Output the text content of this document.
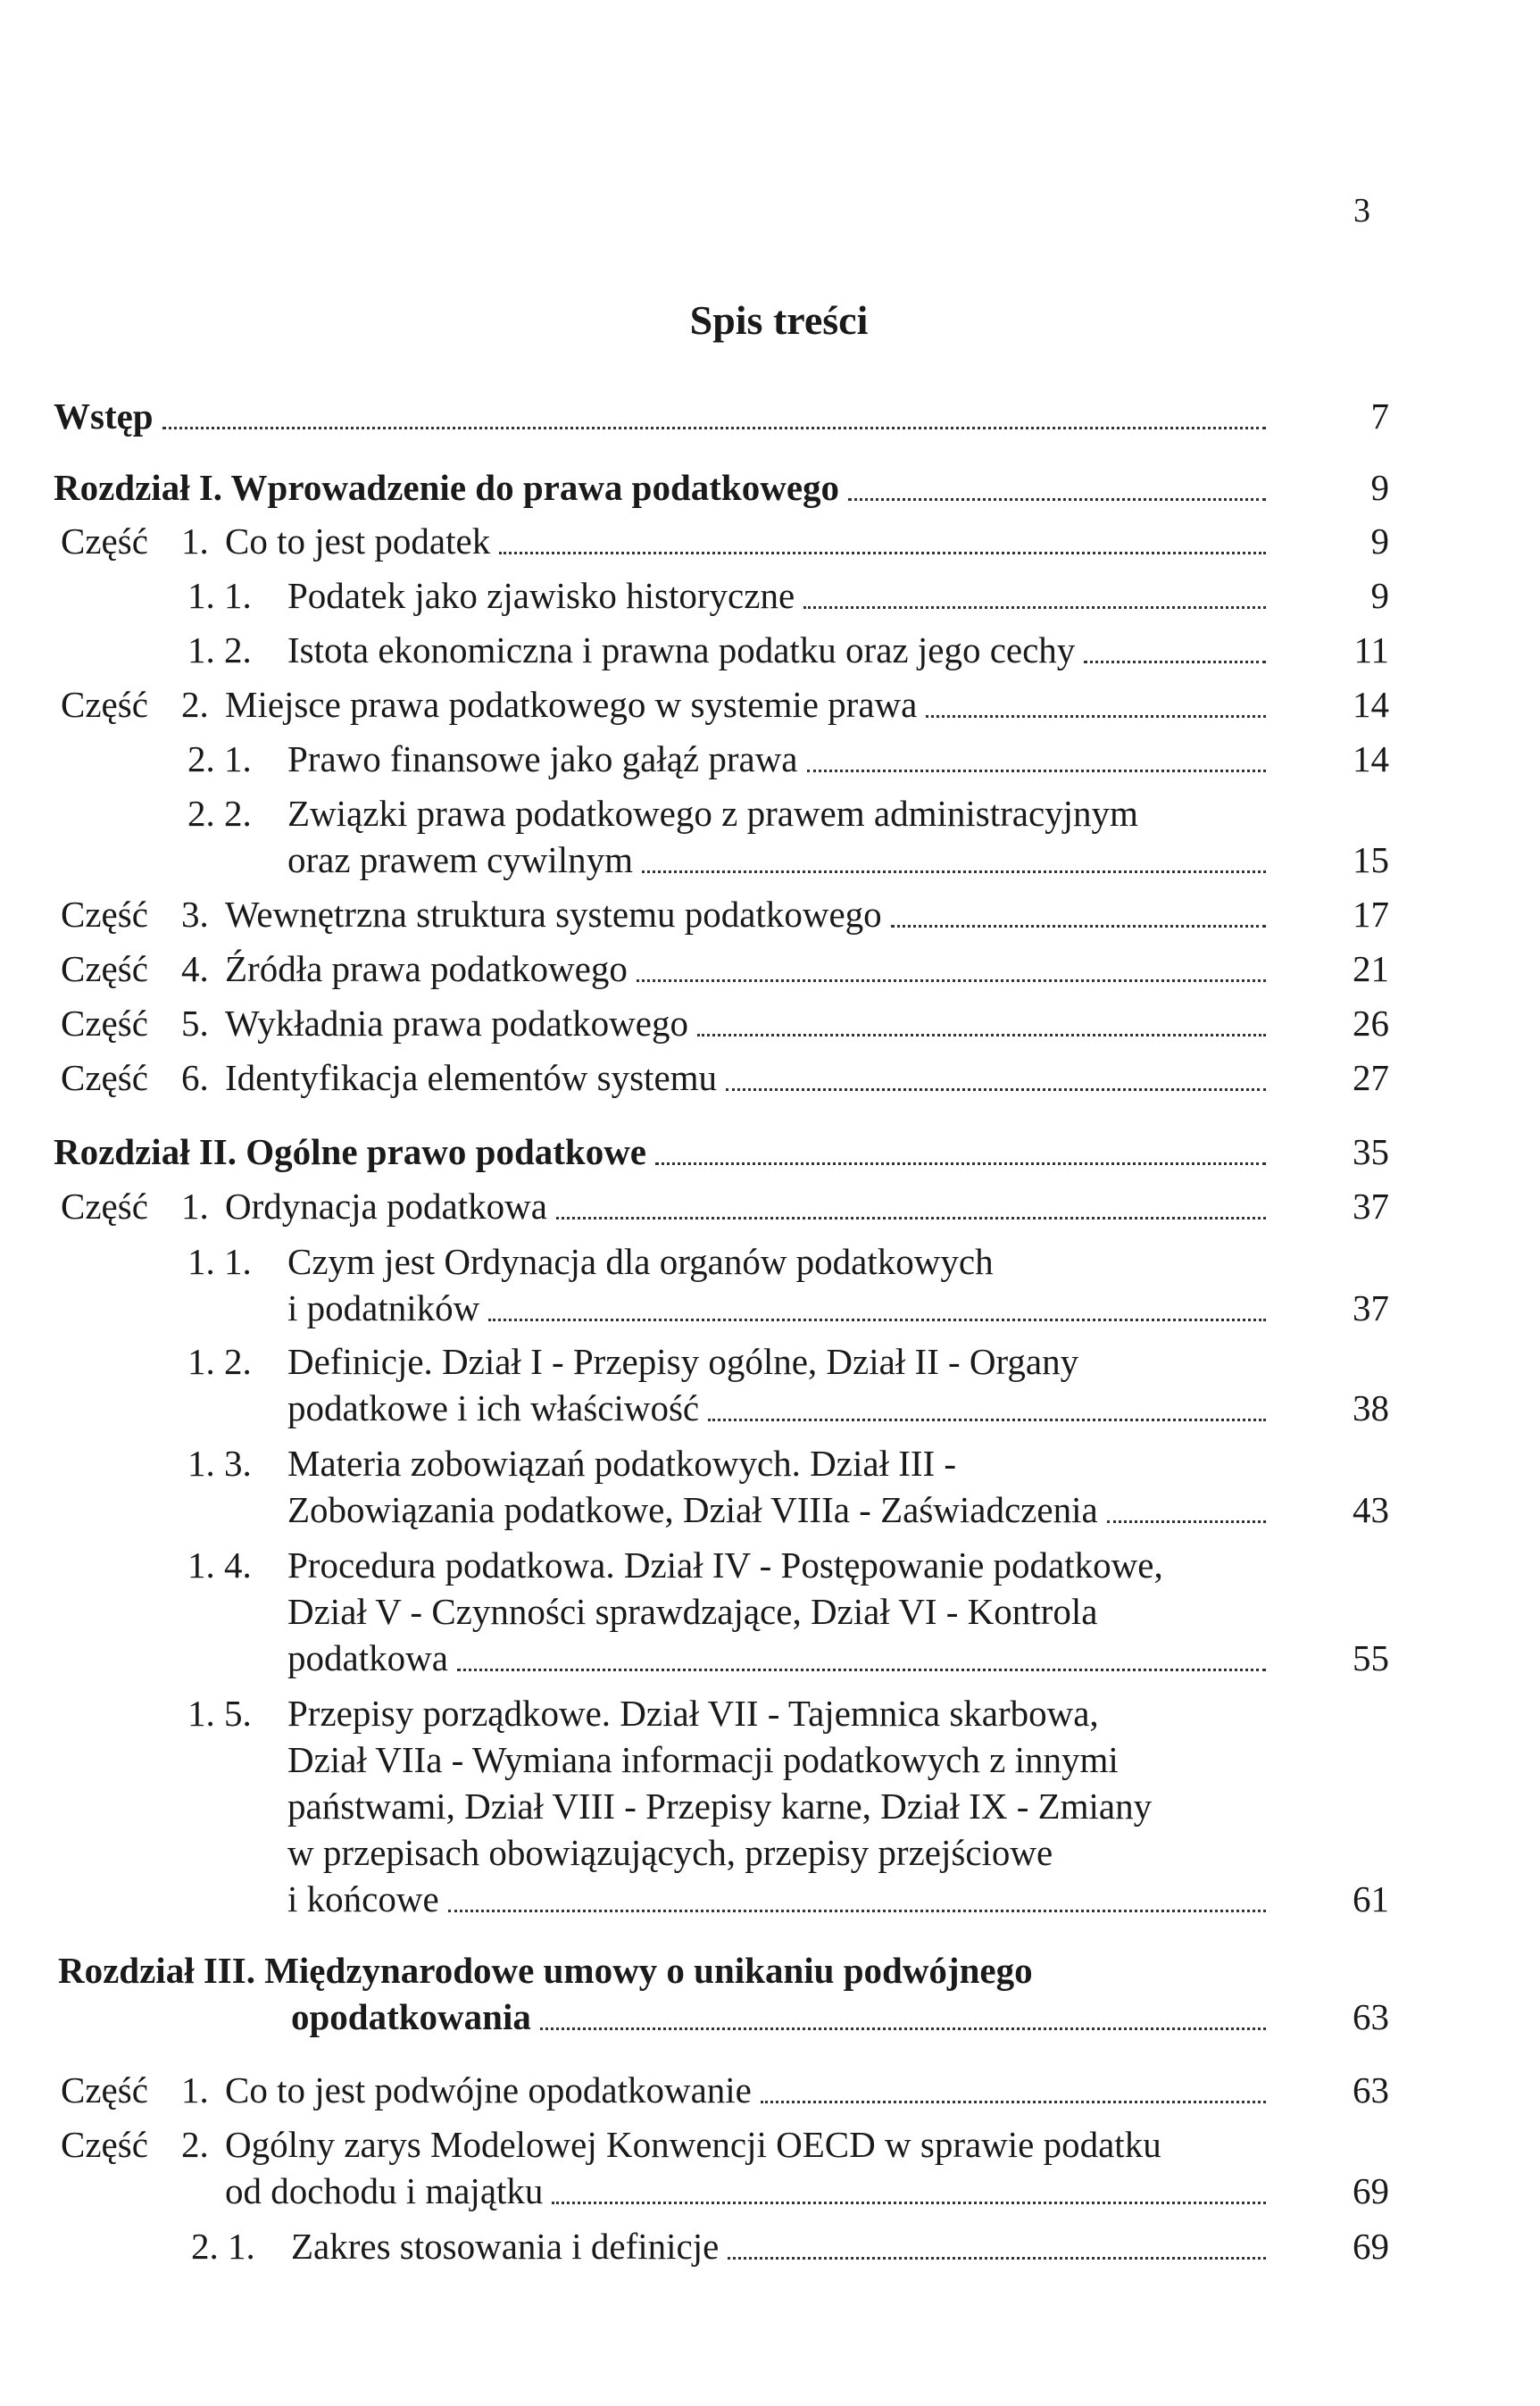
3
Spis treści
Wstęp	7
Rozdział I. Wprowadzenie do prawa podatkowego	9
Część 1. Co to jest podatek	9
1. 1. Podatek jako zjawisko historyczne	9
1. 2. Istota ekonomiczna i prawna podatku oraz jego cechy	11
Część 2. Miejsce prawa podatkowego w systemie prawa	14
2. 1. Prawo finansowe jako gałąź prawa	14
2. 2. Związki prawa podatkowego z prawem administracyjnym
oraz prawem cywilnym	15
Część 3. Wewnętrzna struktura systemu podatkowego	17
Część 4. Źródła prawa podatkowego	21
Część 5. Wykładnia prawa podatkowego	26
Część 6. Identyfikacja elementów systemu	27
Rozdział II. Ogólne prawo podatkowe	35
Część 1. Ordynacja podatkowa	37
1. 1. Czym jest Ordynacja dla organów podatkowych
i podatników	37
1. 2. Definicje. Dział I - Przepisy ogólne, Dział II - Organy
podatkowe i ich właściwość	38
1. 3. Materia zobowiązań podatkowych. Dział III -
Zobowiązania podatkowe, Dział VIIIa - Zaświadczenia	43
1. 4. Procedura podatkowa. Dział IV - Postępowanie podatkowe,
Dział V - Czynności sprawdzające, Dział VI - Kontrola
podatkowa	55
1. 5. Przepisy porządkowe. Dział VII - Tajemnica skarbowa,
Dział VIIa - Wymiana informacji podatkowych z innymi
państwami, Dział VIII - Przepisy karne, Dział IX - Zmiany
w przepisach obowiązujących, przepisy przejściowe
i końcowe	61
Rozdział III. Międzynarodowe umowy o unikaniu podwójnego
opodatkowania	63
Część 1. Co to jest podwójne opodatkowanie	63
Część 2. Ogólny zarys Modelowej Konwencji OECD w sprawie podatku
od dochodu i majątku	69
2. 1. Zakres stosowania i definicje	69
